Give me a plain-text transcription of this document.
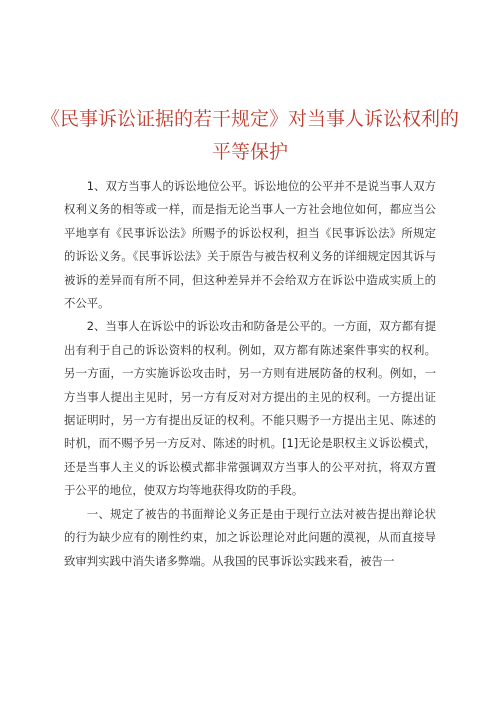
《民事诉讼证据的若干规定》对当事人诉讼权利的平等保护

1、双方当事人的诉讼地位公平。诉讼地位的公平并不是说当事人双方权利义务的相等或一样，而是指无论当事人一方社会地位如何，都应当公平地享有《民事诉讼法》所赐予的诉讼权利，担当《民事诉讼法》所规定的诉讼义务。《民事诉讼法》关于原告与被告权利义务的详细规定因其诉与被诉的差异而有所不同，但这种差异并不会给双方在诉讼中造成实质上的不公平。

2、当事人在诉讼中的诉讼攻击和防备是公平的。一方面，双方都有提出有利于自己的诉讼资料的权利。例如，双方都有陈述案件事实的权利。另一方面，一方实施诉讼攻击时，另一方则有进展防备的权利。例如，一方当事人提出主见时，另一方有反对对方提出的主见的权利。一方提出证据证明时，另一方有提出反证的权利。不能只赐予一方提出主见、陈述的时机，而不赐予另一方反对、陈述的时机。[1]无论是职权主义诉讼模式，还是当事人主义的诉讼模式都非常强调双方当事人的公平对抗，将双方置于公平的地位，使双方均等地获得攻防的手段。

一、规定了被告的书面辩论义务正是由于现行立法对被告提出辩论状的行为缺少应有的刚性约束，加之诉讼理论对此问题的漠视，从而直接导致审判实践中消失诸多弊端。从我国的民事诉讼实践来看，被告一
